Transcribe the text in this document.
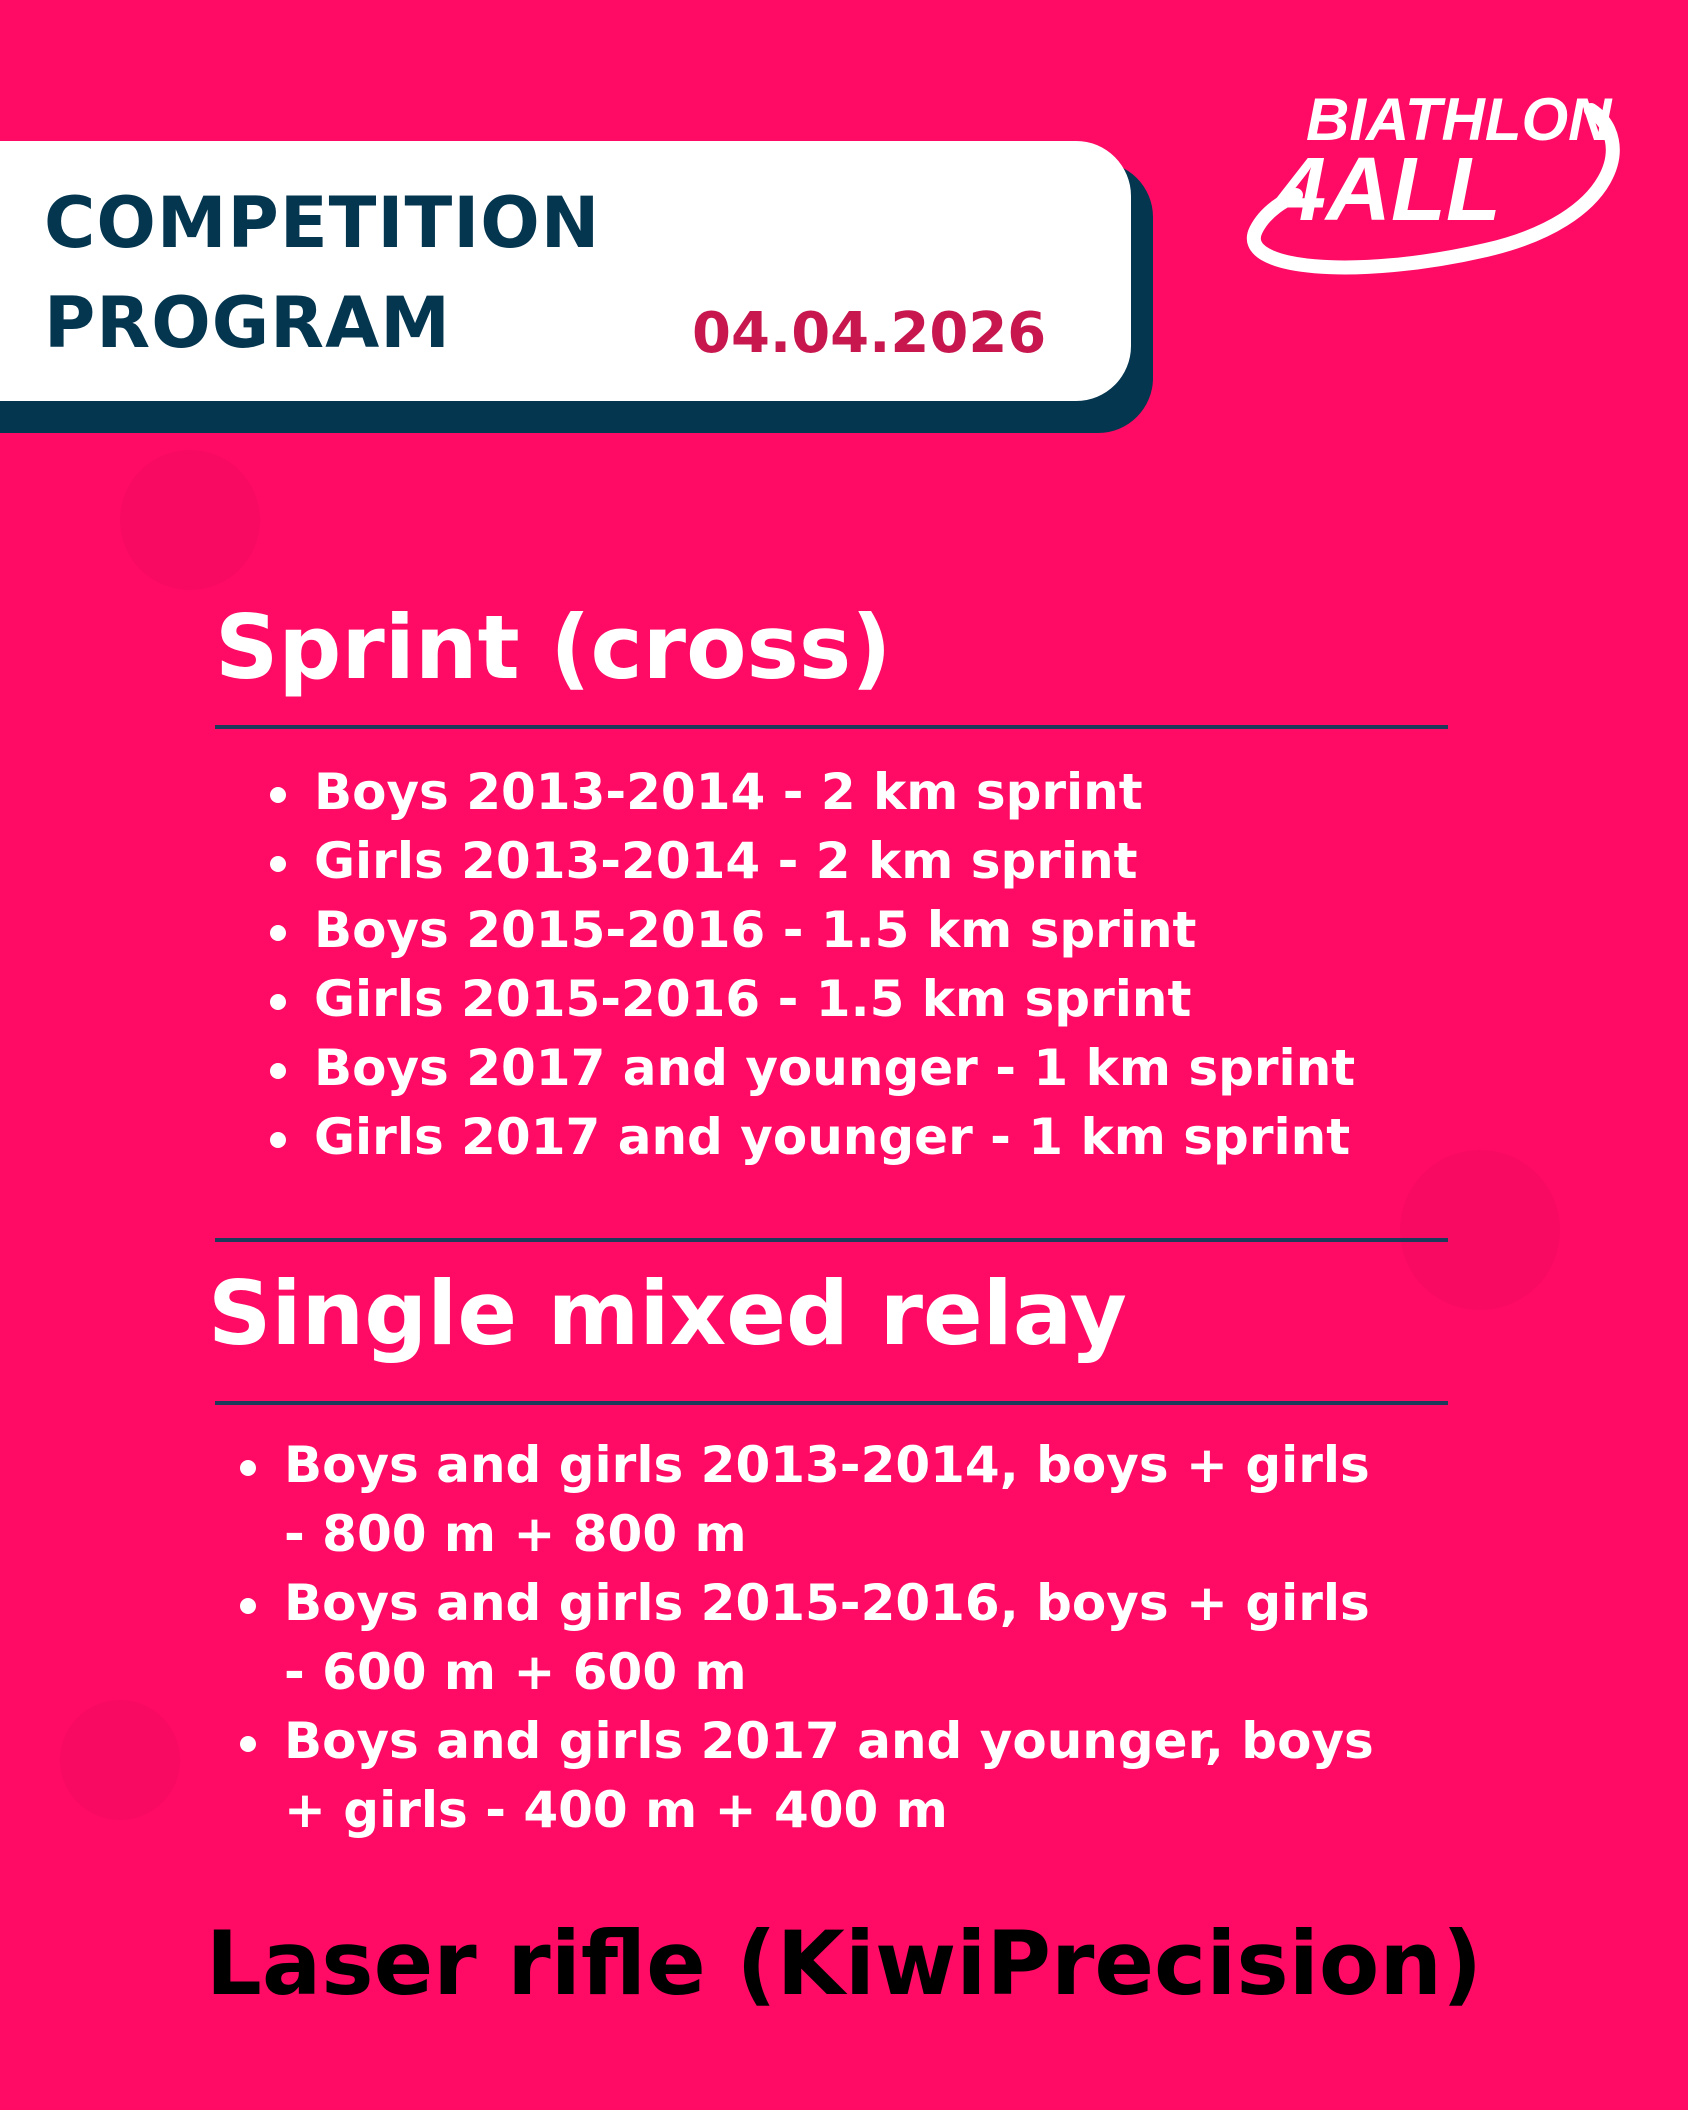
COMPETITION
PROGRAM	04.04.2026
BIATHLON
4ALL
Sprint (cross)
Boys 2013-2014 - 2 km sprint
Girls 2013-2014 - 2 km sprint
Boys 2015-2016 - 1.5 km sprint
Girls 2015-2016 - 1.5 km sprint
Boys 2017 and younger - 1 km sprint
Girls 2017 and younger - 1 km sprint
Single mixed relay
Boys and girls 2013-2014, boys + girls - 800 m + 800 m
Boys and girls 2015-2016, boys + girls - 600 m + 600 m
Boys and girls 2017 and younger, boys + girls - 400 m + 400 m
Laser rifle (KiwiPrecision)
